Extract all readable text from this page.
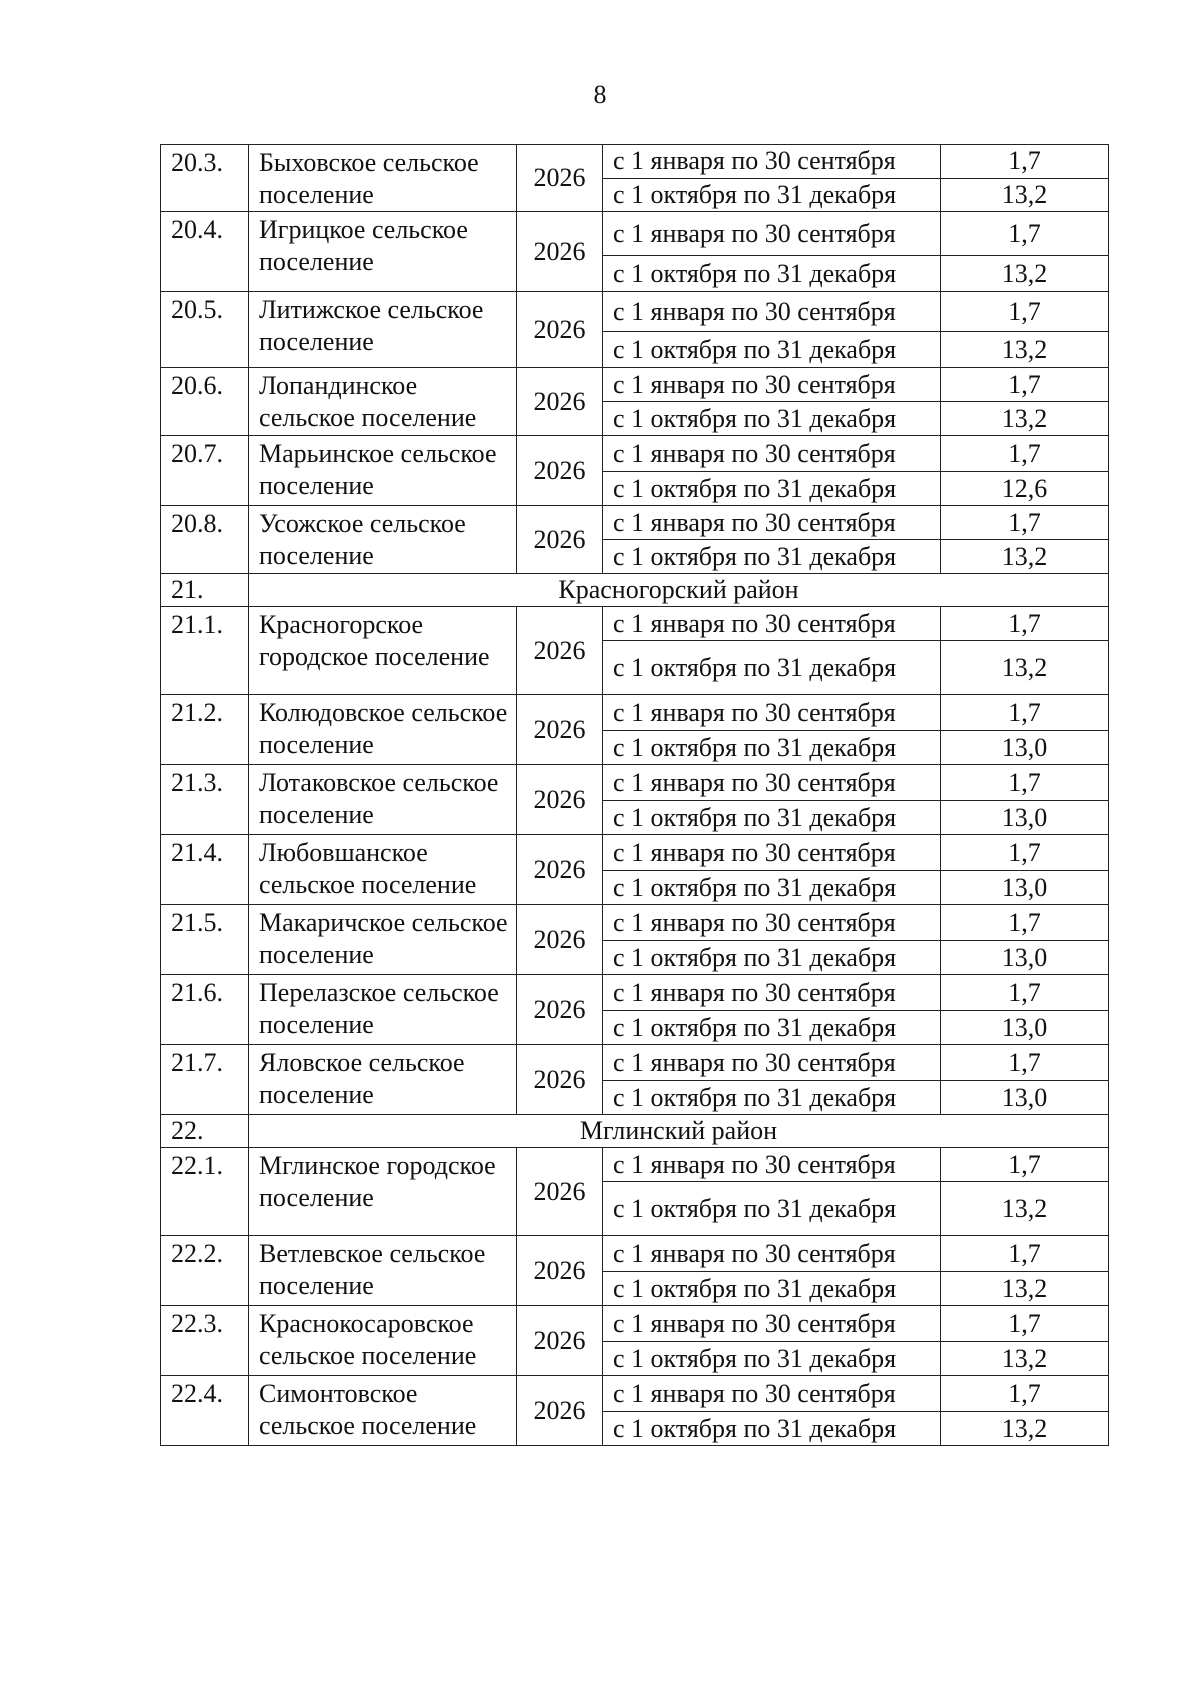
8
20.3.	Быховское сельское поселение	2026	с 1 января по 30 сентября	1,7
			с 1 октября по 31 декабря	13,2
20.4.	Игрицкое сельское поселение	2026	с 1 января по 30 сентября	1,7
			с 1 октября по 31 декабря	13,2
20.5.	Литижское сельское поселение	2026	с 1 января по 30 сентября	1,7
			с 1 октября по 31 декабря	13,2
20.6.	Лопандинское сельское поселение	2026	с 1 января по 30 сентября	1,7
			с 1 октября по 31 декабря	13,2
20.7.	Марьинское сельское поселение	2026	с 1 января по 30 сентября	1,7
			с 1 октября по 31 декабря	12,6
20.8.	Усожское сельское поселение	2026	с 1 января по 30 сентября	1,7
			с 1 октября по 31 декабря	13,2
21.	Красногорский район			
21.1.	Красногорское городское поселение	2026	с 1 января по 30 сентября	1,7
			с 1 октября по 31 декабря	13,2
21.2.	Колюдовское сельское поселение	2026	с 1 января по 30 сентября	1,7
			с 1 октября по 31 декабря	13,0
21.3.	Лотаковское сельское поселение	2026	с 1 января по 30 сентября	1,7
			с 1 октября по 31 декабря	13,0
21.4.	Любовшанское сельское поселение	2026	с 1 января по 30 сентября	1,7
			с 1 октября по 31 декабря	13,0
21.5.	Макаричское сельское поселение	2026	с 1 января по 30 сентября	1,7
			с 1 октября по 31 декабря	13,0
21.6.	Перелазское сельское поселение	2026	с 1 января по 30 сентября	1,7
			с 1 октября по 31 декабря	13,0
21.7.	Яловское сельское поселение	2026	с 1 января по 30 сентября	1,7
			с 1 октября по 31 декабря	13,0
22.	Мглинский район			
22.1.	Мглинское городское поселение	2026	с 1 января по 30 сентября	1,7
			с 1 октября по 31 декабря	13,2
22.2.	Ветлевское сельское поселение	2026	с 1 января по 30 сентября	1,7
			с 1 октября по 31 декабря	13,2
22.3.	Краснокосаровское сельское поселение	2026	с 1 января по 30 сентября	1,7
			с 1 октября по 31 декабря	13,2
22.4.	Симонтовское сельское поселение	2026	с 1 января по 30 сентября	1,7
			с 1 октября по 31 декабря	13,2
